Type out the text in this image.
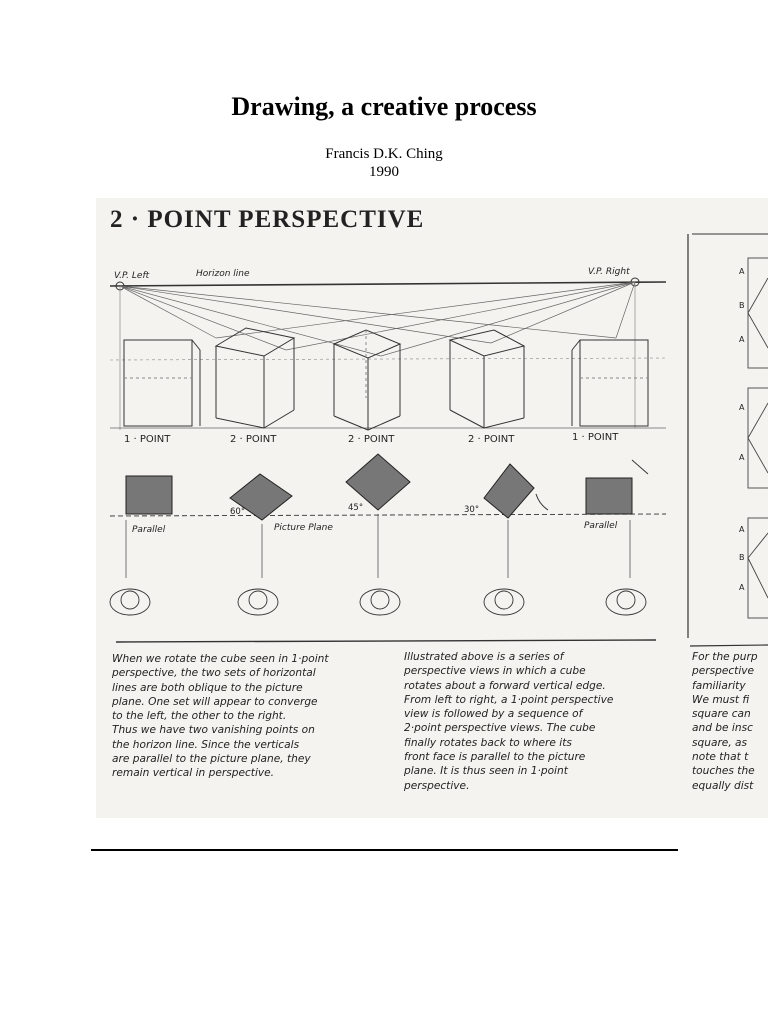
Drawing, a creative process
Francis D.K. Ching
1990
2 · POINT PERSPECTIVE
V.P. Left	Horizon line	V.P. Right
Parallel	Picture Plane	Parallel
1 · POINT	2 · POINT	2 · POINT	2 · POINT	1 · POINT
60°	45°	30°
A
B
A
A
A
A
B
A

When we rotate the cube seen in 1·point

perspective, the two sets of horizontal

lines are both oblique to the picture

plane. One set will appear to converge

to the left, the other to the right.

Thus we have two vanishing points on

the horizon line. Since the verticals

are parallel to the picture plane, they

remain vertical in perspective.

Illustrated above is a series of

perspective views in which a cube

rotates about a forward vertical edge.

From left to right, a 1·point perspective

view is followed by a sequence of

2·point perspective views. The cube

finally rotates back to where its

front face is parallel to the picture

plane. It is thus seen in 1·point

perspective.

For the purp

perspective

familiarity

We must fi

square can

and be insc

square, as

note that t

touches the

equally dist
